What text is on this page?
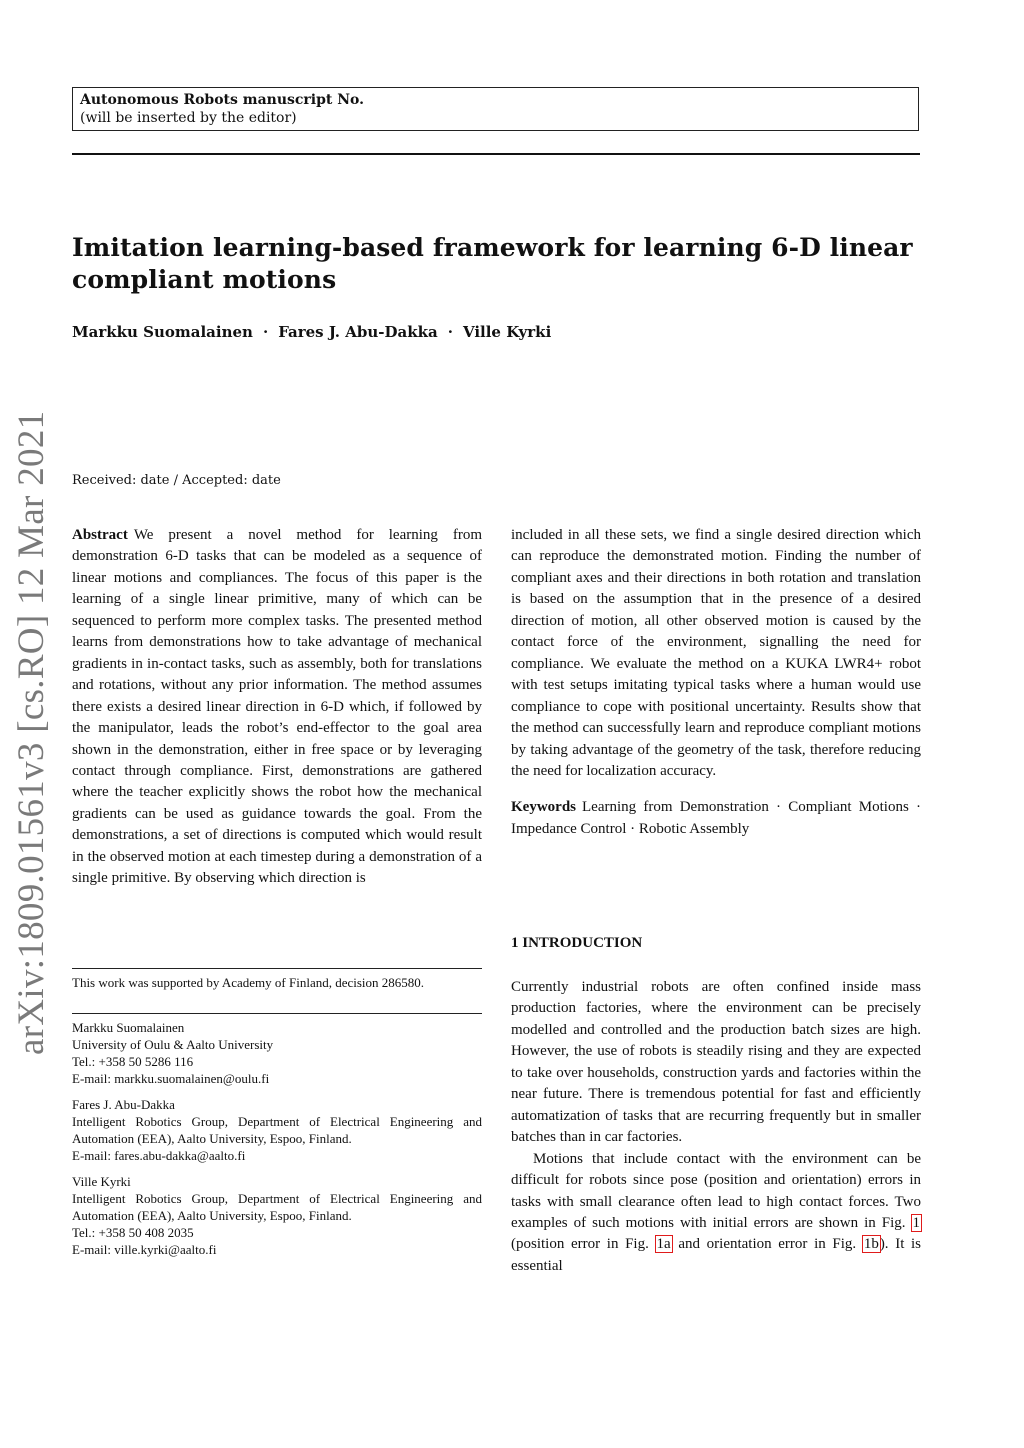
Autonomous Robots manuscript No.
(will be inserted by the editor)
Imitation learning-based framework for learning 6-D linear compliant motions
Markku Suomalainen · Fares J. Abu-Dakka · Ville Kyrki
arXiv:1809.01561v3 [cs.RO] 12 Mar 2021 Received: date / Accepted: date

Abstract We present a novel method for learning from demonstration 6-D tasks that can be modeled as a sequence of linear motions and compliances. The focus of this paper is the learning of a single linear primitive, many of which can be sequenced to perform more complex tasks. The presented method learns from demonstrations how to take advantage of mechanical gradients in in-contact tasks, such as assembly, both for translations and rotations, without any prior information. The method assumes there exists a desired linear direction in 6-D which, if followed by the manipulator, leads the robot’s end-effector to the goal area shown in the demonstration, either in free space or by leveraging contact through compliance. First, demonstrations are gathered where the teacher explicitly shows the robot how the mechanical gradients can be used as guidance towards the goal. From the demonstrations, a set of directions is computed which would result in the observed motion at each timestep during a demonstration of a single primitive. By observing which direction is

This work was supported by Academy of Finland, decision 286580.
Markku Suomalainen
University of Oulu & Aalto University
Tel.: +358 50 5286 116
E-mail: markku.suomalainen@oulu.fi
Fares J. Abu-Dakka
Intelligent Robotics Group, Department of Electrical Engineering and Automation (EEA), Aalto University, Espoo, Finland.
E-mail: fares.abu-dakka@aalto.fi
Ville Kyrki
Intelligent Robotics Group, Department of Electrical Engineering and Automation (EEA), Aalto University, Espoo, Finland.
Tel.: +358 50 408 2035
E-mail: ville.kyrki@aalto.fi

included in all these sets, we find a single desired direction which can reproduce the demonstrated motion. Finding the number of compliant axes and their directions in both rotation and translation is based on the assumption that in the presence of a desired direction of motion, all other observed motion is caused by the contact force of the environment, signalling the need for compliance. We evaluate the method on a KUKA LWR4+ robot with test setups imitating typical tasks where a human would use compliance to cope with positional uncertainty. Results show that the method can successfully learn and reproduce compliant motions by taking advantage of the geometry of the task, therefore reducing the need for localization accuracy.

Keywords Learning from Demonstration · Compliant Motions · Impedance Control · Robotic Assembly

1 INTRODUCTION

Currently industrial robots are often confined inside mass production factories, where the environment can be precisely modelled and controlled and the production batch sizes are high. However, the use of robots is steadily rising and they are expected to take over households, construction yards and factories within the near future. There is tremendous potential for fast and efficiently automatization of tasks that are recurring frequently but in smaller batches than in car factories.

Motions that include contact with the environment can be difficult for robots since pose (position and orientation) errors in tasks with small clearance often lead to high contact forces. Two examples of such motions with initial errors are shown in Fig. 1 (position error in Fig. 1a and orientation error in Fig. 1b). It is essential
